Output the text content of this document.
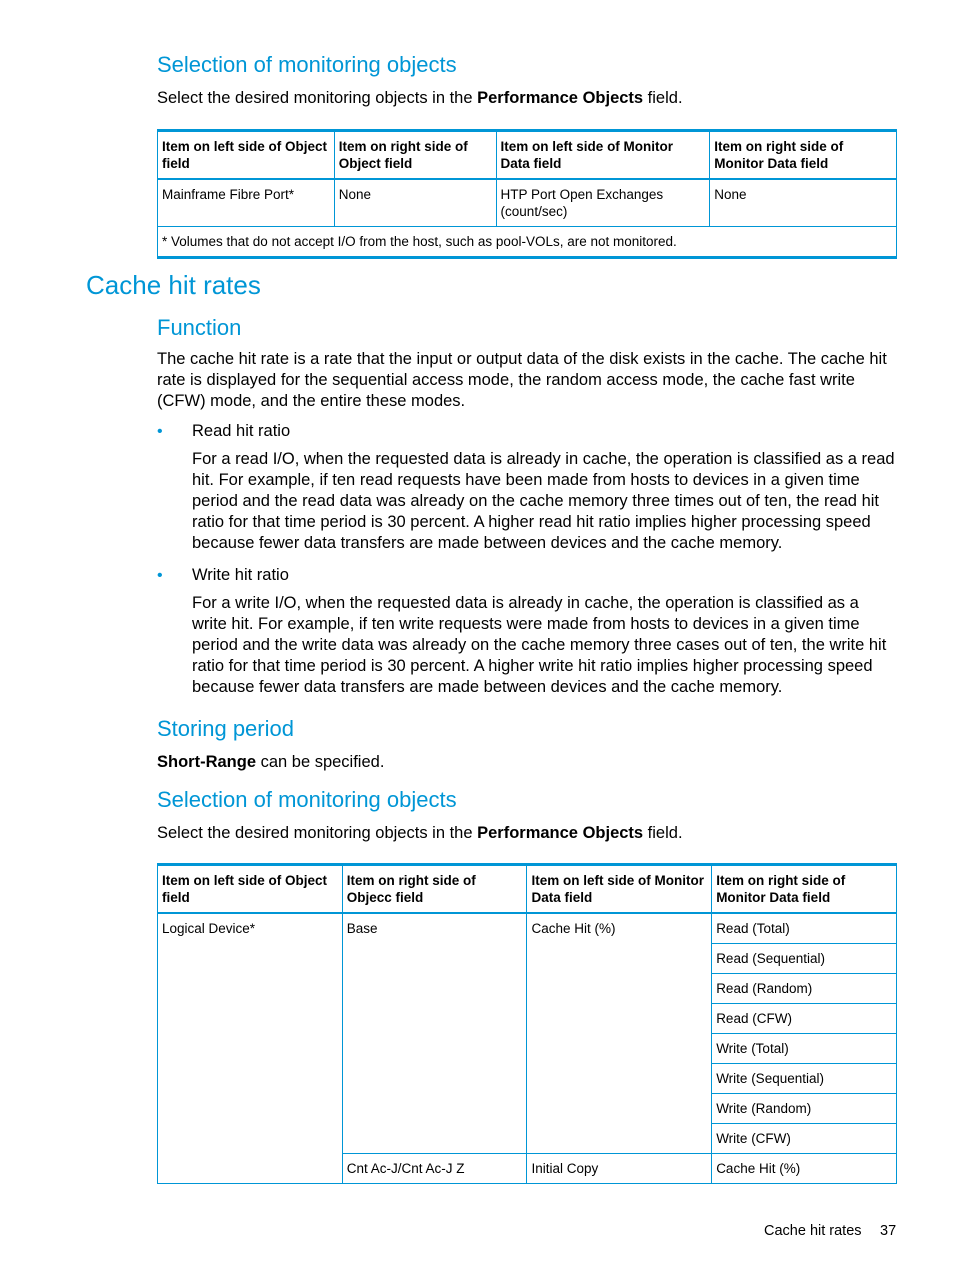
Selection of monitoring objects

Select the desired monitoring objects in the Performance Objects field.

Item on left side of Object field	Item on right side of Object field	Item on left side of Monitor Data field	Item on right side of Monitor Data field
Mainframe Fibre Port*	None	HTP Port Open Exchanges (count/sec)	None
* Volumes that do not accept I/O from the host, such as pool-VOLs, are not monitored.			
Cache hit rates
Function

The cache hit rate is a rate that the input or output data of the disk exists in the cache. The cache hit rate is displayed for the sequential access mode, the random access mode, the cache fast write (CFW) mode, and the entire these modes.

• Read hit ratio

For a read I/O, when the requested data is already in cache, the operation is classified as a read hit. For example, if ten read requests have been made from hosts to devices in a given time period and the read data was already on the cache memory three times out of ten, the read hit ratio for that time period is 30 percent. A higher read hit ratio implies higher processing speed because fewer data transfers are made between devices and the cache memory.

• Write hit ratio

For a write I/O, when the requested data is already in cache, the operation is classified as a write hit. For example, if ten write requests were made from hosts to devices in a given time period and the write data was already on the cache memory three cases out of ten, the write hit ratio for that time period is 30 percent. A higher write hit ratio implies higher processing speed because fewer data transfers are made between devices and the cache memory.

Storing period

Short-Range can be specified.

Selection of monitoring objects

Select the desired monitoring objects in the Performance Objects field.

Item on left side of Object field	Item on right side of Objecc field	Item on left side of Monitor Data field	Item on right side of Monitor Data field
Logical Device*	Base	Cache Hit (%)	Read (Total)
			Read (Sequential)
			Read (Random)
			Read (CFW)
			Write (Total)
			Write (Sequential)
			Write (Random)
			Write (CFW)
	Cnt Ac-J/Cnt Ac-J Z	Initial Copy	Cache Hit (%)
Cache hit rates 37
